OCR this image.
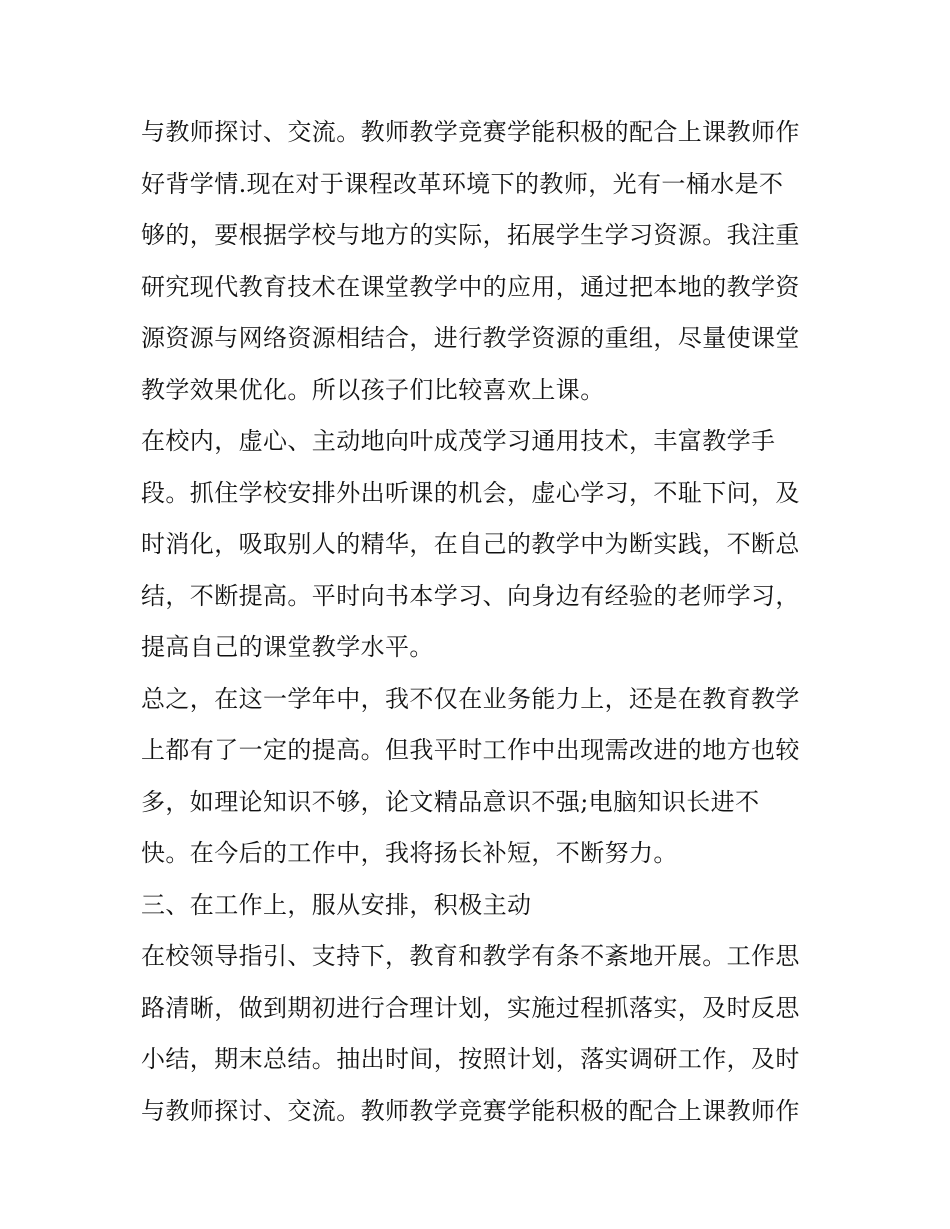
与教师探讨、交流。教师教学竞赛学能积极的配合上课教师作
好背学情.现在对于课程改革环境下的教师，光有一桶水是不
够的，要根据学校与地方的实际，拓展学生学习资源。我注重
研究现代教育技术在课堂教学中的应用，通过把本地的教学资
源资源与网络资源相结合，进行教学资源的重组，尽量使课堂
教学效果优化。所以孩子们比较喜欢上课。
在校内，虚心、主动地向叶成茂学习通用技术，丰富教学手
段。抓住学校安排外出听课的机会，虚心学习，不耻下问，及
时消化，吸取别人的精华，在自己的教学中为断实践，不断总
结，不断提高。平时向书本学习、向身边有经验的老师学习，
提高自己的课堂教学水平。
总之，在这一学年中，我不仅在业务能力上，还是在教育教学
上都有了一定的提高。但我平时工作中出现需改进的地方也较
多，如理论知识不够，论文精品意识不强;电脑知识长进不
快。在今后的工作中，我将扬长补短，不断努力。
三、在工作上，服从安排，积极主动
在校领导指引、支持下，教育和教学有条不紊地开展。工作思
路清晰，做到期初进行合理计划，实施过程抓落实，及时反思
小结，期末总结。抽出时间，按照计划，落实调研工作，及时
与教师探讨、交流。教师教学竞赛学能积极的配合上课教师作
